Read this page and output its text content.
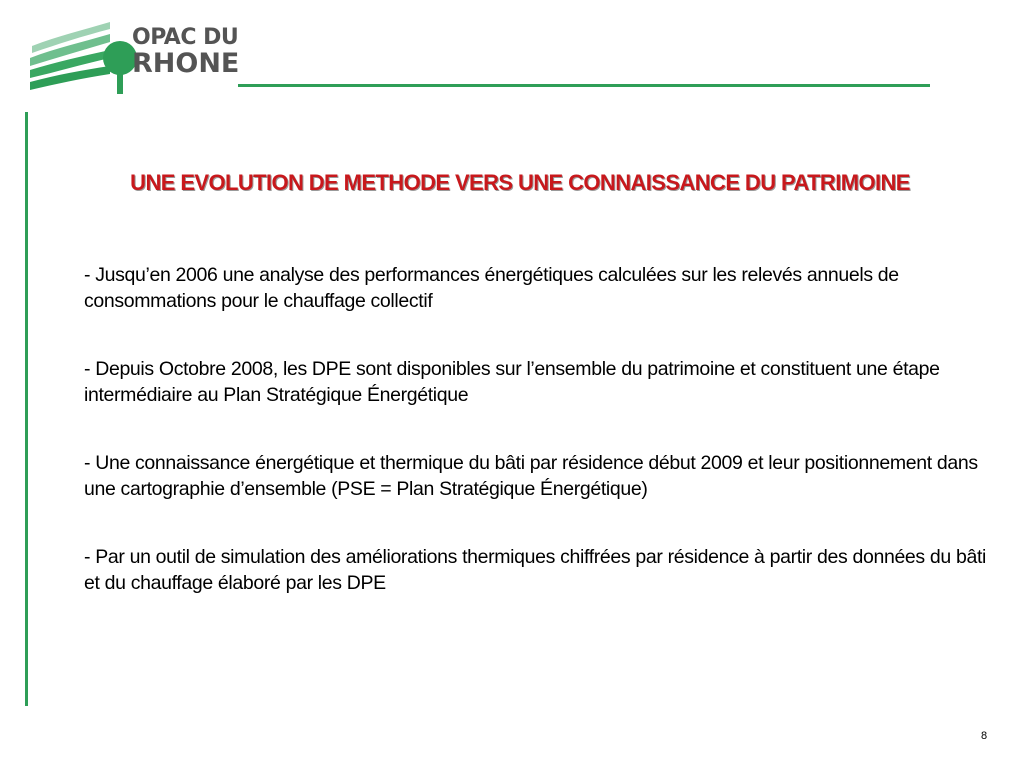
OPAC DU
RHONE
UNE EVOLUTION DE METHODE VERS UNE CONNAISSANCE DU PATRIMOINE
- Jusqu’en 2006 une analyse des performances énergétiques calculées sur les relevés annuels de consommations pour le chauffage collectif
- Depuis Octobre 2008, les DPE sont disponibles sur l’ensemble du patrimoine et constituent une étape intermédiaire au Plan Stratégique Énergétique
- Une connaissance énergétique et thermique du bâti par résidence début 2009 et leur positionnement dans une cartographie d’ensemble (PSE = Plan Stratégique Énergétique)
- Par un outil de simulation des améliorations thermiques chiffrées par résidence à partir des données du bâti et du chauffage élaboré par les DPE
8
